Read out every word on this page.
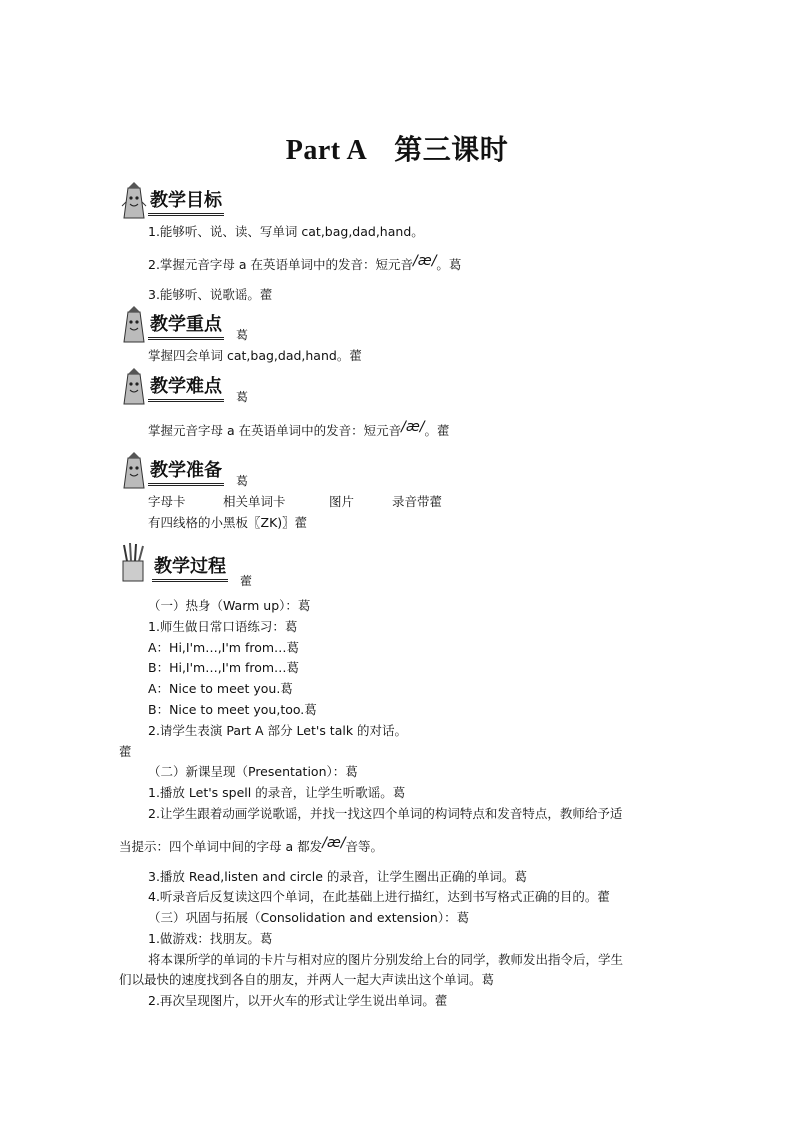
Part A　第三课时
教学目标
1.能够听、说、读、写单词 cat,bag,dad,hand。
2.掌握元音字母 a 在英语单词中的发音：短元音/æ/。葛
3.能够听、说歌谣。藿
教学重点 葛
掌握四会单词 cat,bag,dad,hand。藿
教学难点 葛
掌握元音字母 a 在英语单词中的发音：短元音/æ/。藿
教学准备 葛
字母卡	相关单词卡	图片	录音带藿
有四线格的小黑板〖ZK)〗藿
教学过程
藿
（一）热身（Warm up）：葛
1.师生做日常口语练习：葛
A：Hi,I'm…,I'm from…葛
B：Hi,I'm…,I'm from…葛
A：Nice to meet you.葛
B：Nice to meet you,too.葛
2.请学生表演 Part A 部分 Let's talk 的对话。
藿
（二）新课呈现（Presentation）：葛
1.播放 Let's spell 的录音，让学生听歌谣。葛
2.让学生跟着动画学说歌谣，并找一找这四个单词的构词特点和发音特点，教师给予适
当提示：四个单词中间的字母 a 都发/æ/音等。
3.播放 Read,listen and circle 的录音，让学生圈出正确的单词。葛
4.听录音后反复读这四个单词，在此基础上进行描红，达到书写格式正确的目的。藿
（三）巩固与拓展（Consolidation and extension）：葛
1.做游戏：找朋友。葛
将本课所学的单词的卡片与相对应的图片分别发给上台的同学，教师发出指令后，学生
们以最快的速度找到各自的朋友，并两人一起大声读出这个单词。葛
2.再次呈现图片，以开火车的形式让学生说出单词。藿
